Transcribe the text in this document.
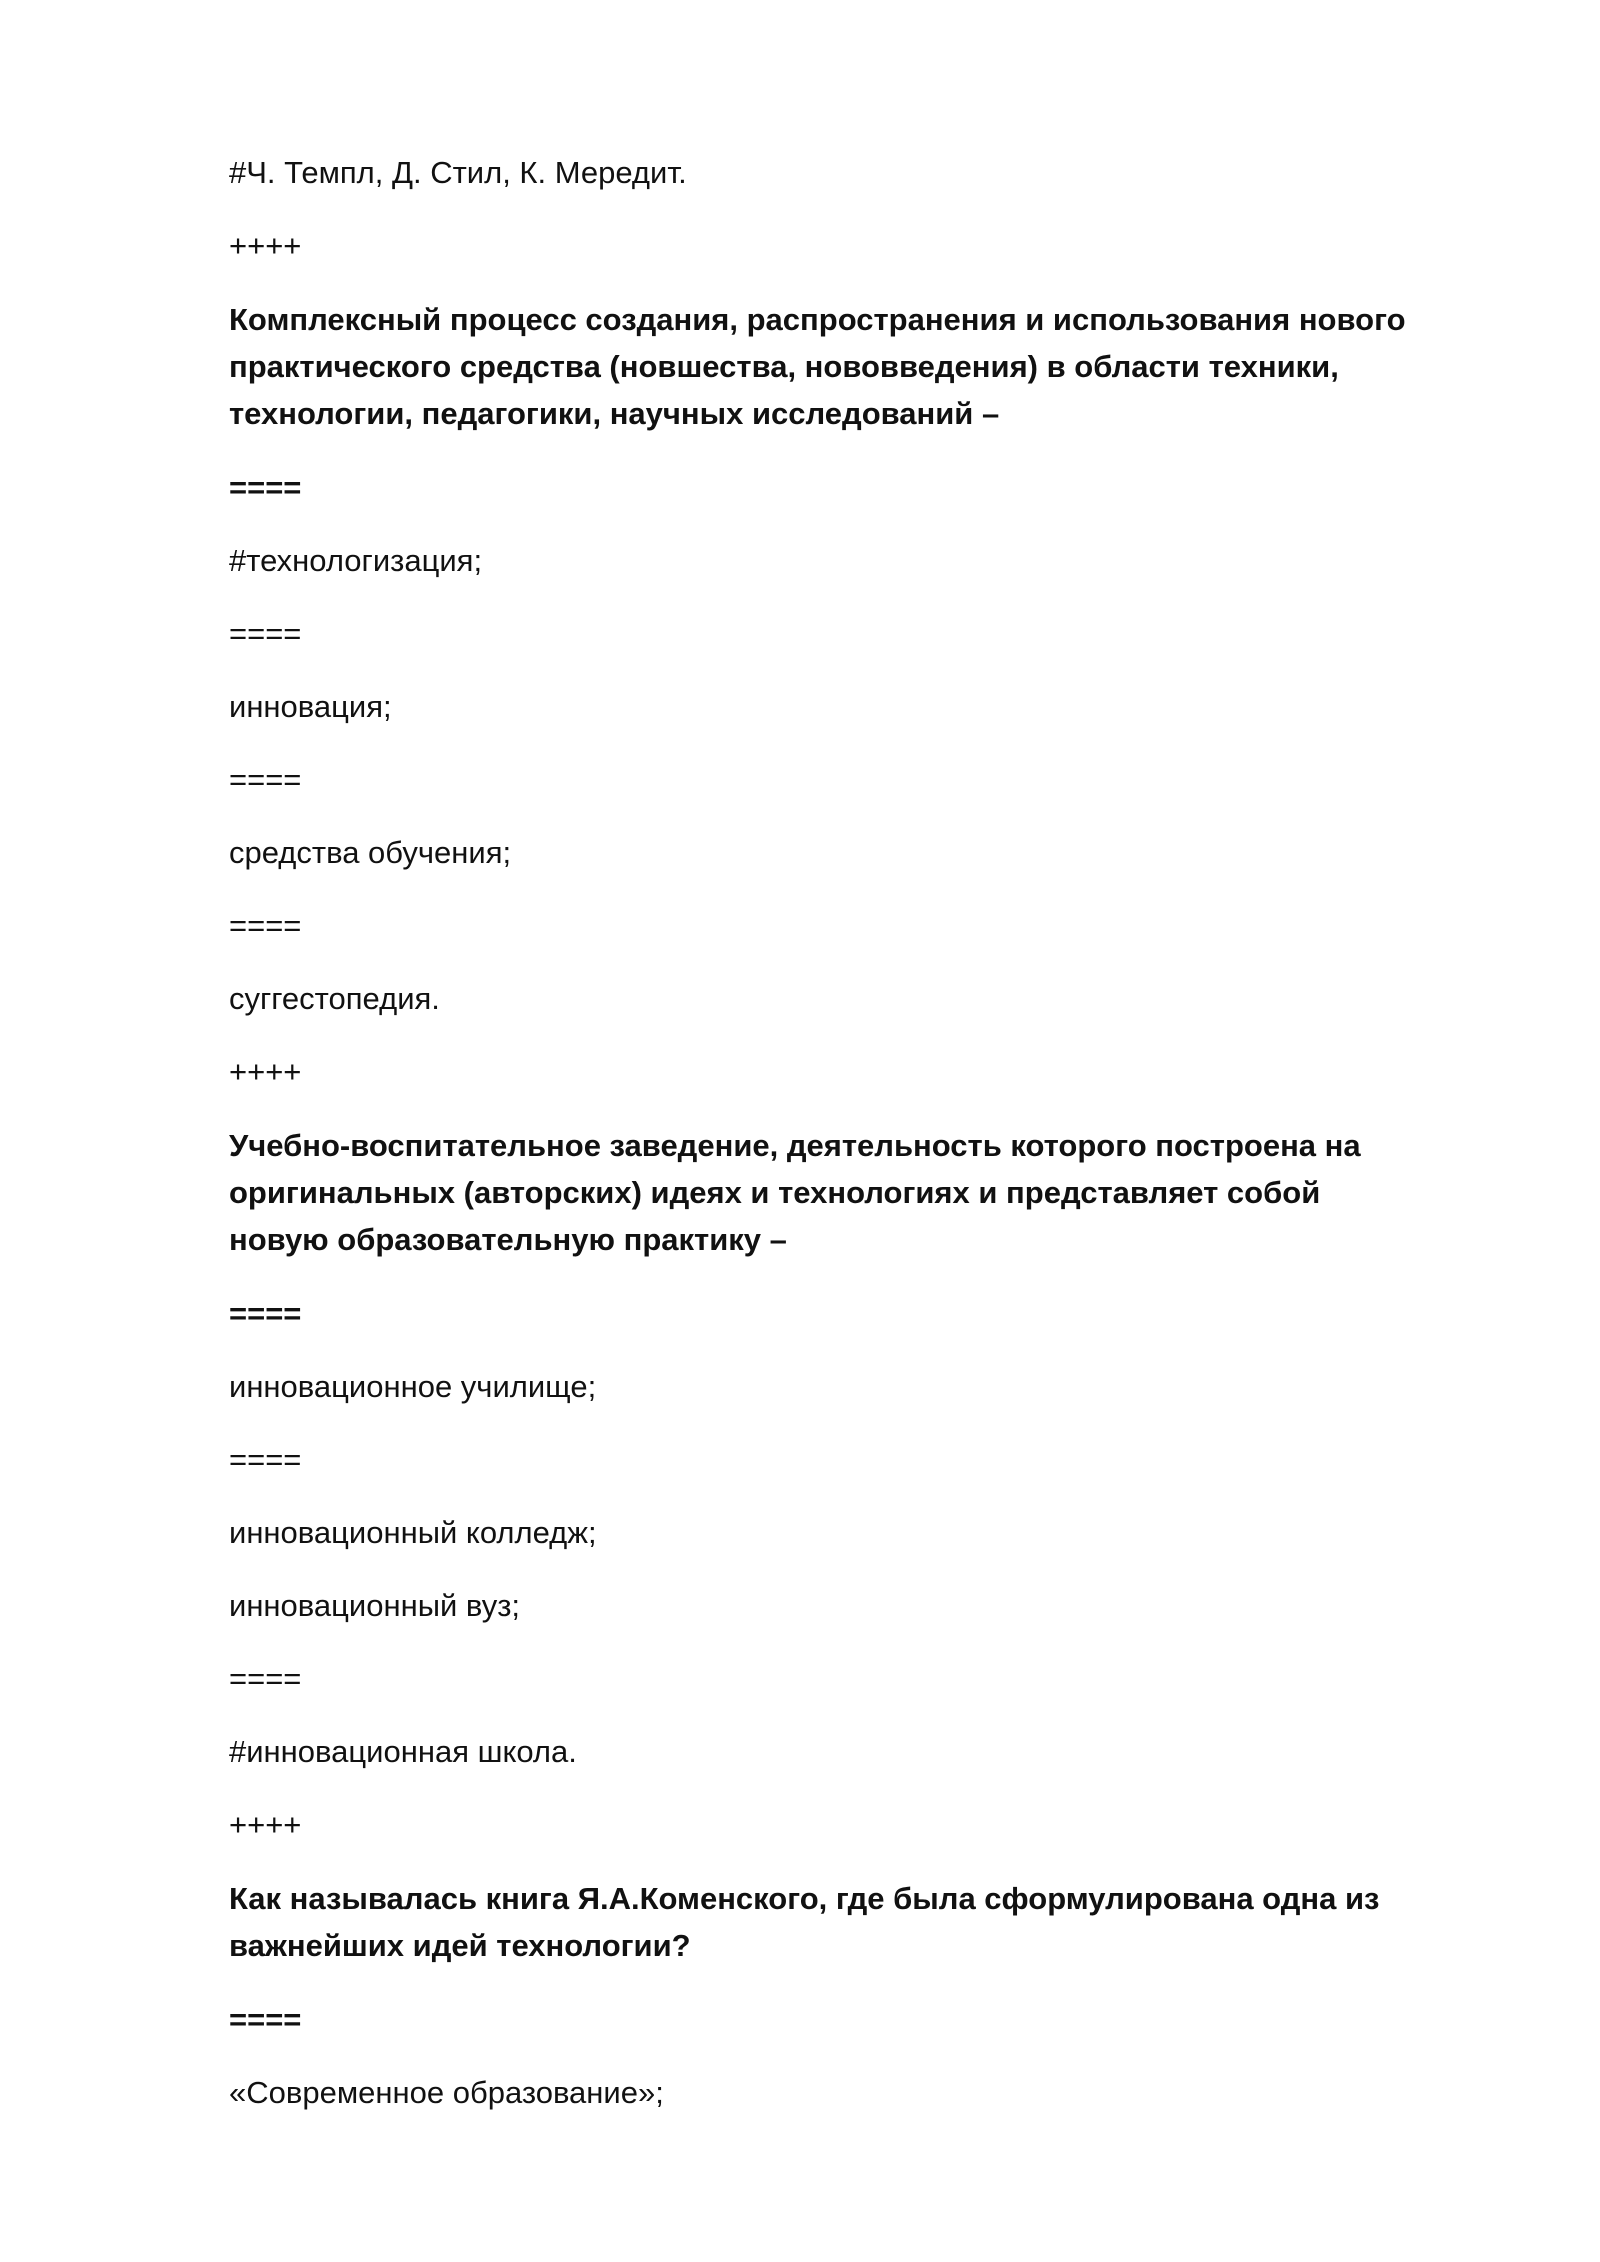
#Ч. Темпл, Д. Стил, К. Мередит.

++++

Комплексный процесс создания, распространения и использования нового
практического средства (новшества, нововведения) в области техники,
технологии, педагогики, научных исследований –

====

#технологизация;

====

инновация;

====

средства обучения;

====

суггестопедия.

++++

Учебно-воспитательное заведение, деятельность которого построена на
оригинальных (авторских) идеях и технологиях и представляет собой
новую образовательную практику –

====

инновационное училище;

====

инновационный колледж;

инновационный вуз;

====

#инновационная школа.

++++

Как называлась книга Я.А.Коменского, где была сформулирована одна из
важнейших идей технологии?

====

«Современное образование»;
